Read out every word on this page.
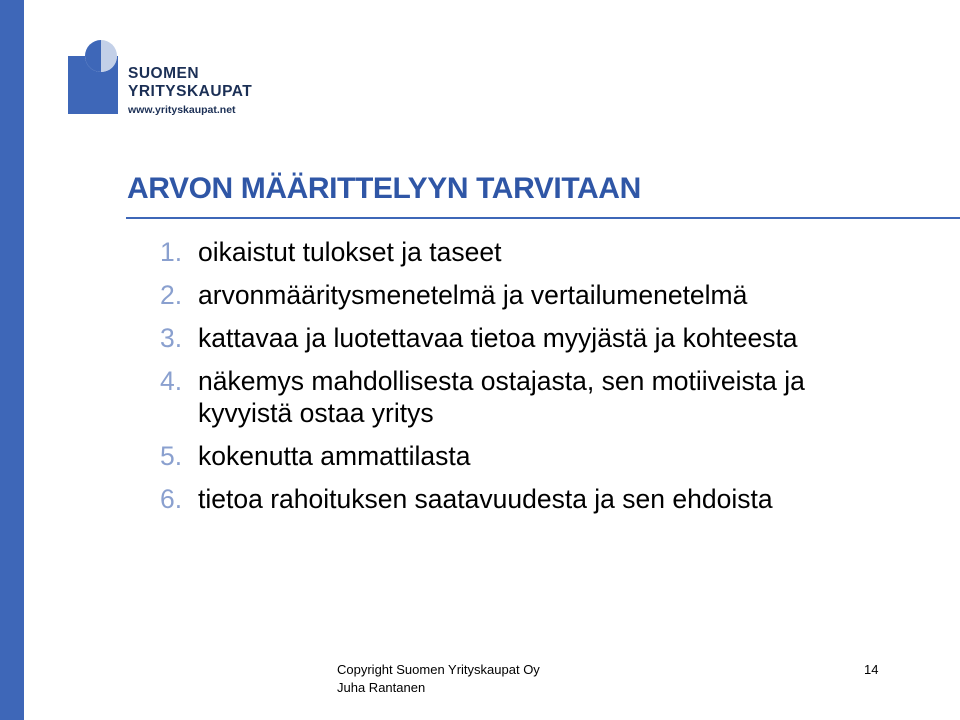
SUOMEN
YRITYSKAUPAT
www.yrityskaupat.net
ARVON MÄÄRITTELYYN TARVITAAN
1. oikaistut tulokset ja taseet
2. arvonmääritysmenetelmä ja vertailumenetelmä
3. kattavaa ja luotettavaa tietoa myyjästä ja kohteesta
4. näkemys mahdollisesta ostajasta, sen motiiveista ja kyvyistä ostaa yritys
5. kokenutta ammattilasta
6. tietoa rahoituksen saatavuudesta ja sen ehdoista
Copyright Suomen Yrityskaupat Oy
Juha Rantanen
14
